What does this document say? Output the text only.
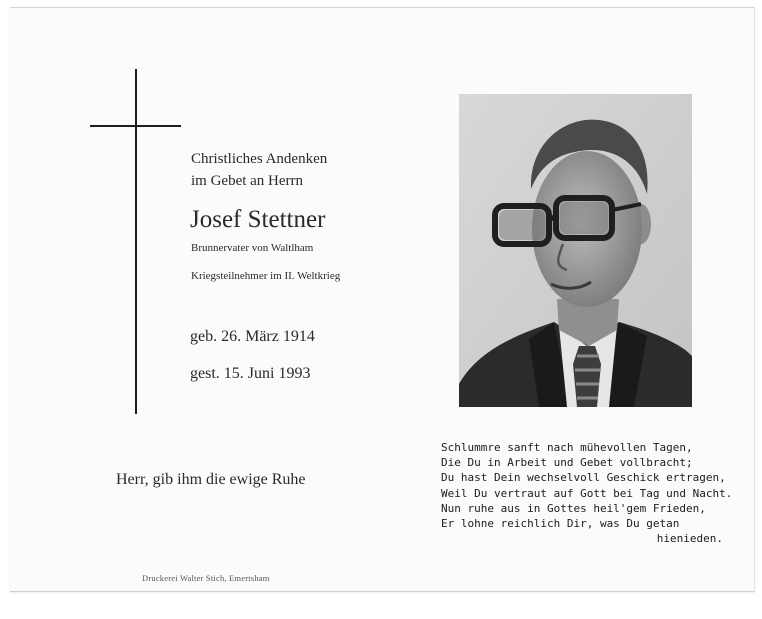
Christliches Andenken
im Gebet an Herrn
Josef Stettner
Brunnervater von Waltlham
Kriegsteilnehmer im II. Weltkrieg
geb. 26. März 1914
gest. 15. Juni 1993
Herr, gib ihm die ewige Ruhe
Schlummre sanft nach mühevollen Tagen,
Die Du in Arbeit und Gebet vollbracht;
Du hast Dein wechselvoll Geschick ertragen,
Weil Du vertraut auf Gott bei Tag und Nacht.
Nun ruhe aus in Gottes heil'gem Frieden,
Er lohne reichlich Dir, was Du getan
hienieden.
Druckerei Walter Stich, Emertsham
